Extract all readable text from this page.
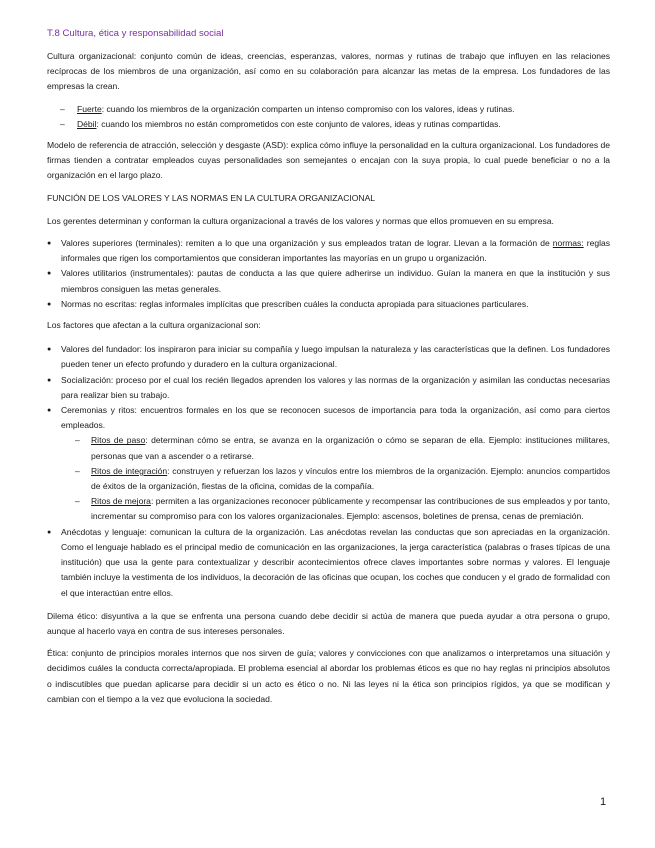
T.8 Cultura, ética y responsabilidad social

Cultura organizacional: conjunto común de ideas, creencias, esperanzas, valores, normas y rutinas de trabajo que influyen en las relaciones recíprocas de los miembros de una organización, así como en su colaboración para alcanzar las metas de la empresa. Los fundadores de las empresas la crean.

– Fuerte: cuando los miembros de la organización comparten un intenso compromiso con los valores, ideas y rutinas.
– Débil: cuando los miembros no están comprometidos con este conjunto de valores, ideas y rutinas compartidas.

Modelo de referencia de atracción, selección y desgaste (ASD): explica cómo influye la personalidad en la cultura organizacional. Los fundadores de firmas tienden a contratar empleados cuyas personalidades son semejantes o encajan con la suya propia, lo cual puede beneficiar o no a la organización en el largo plazo.

FUNCIÓN DE LOS VALORES Y LAS NORMAS EN LA CULTURA ORGANIZACIONAL

Los gerentes determinan y conforman la cultura organizacional a través de los valores y normas que ellos promueven en su empresa.

● Valores superiores (terminales): remiten a lo que una organización y sus empleados tratan de lograr. Llevan a la formación de normas: reglas informales que rigen los comportamientos que consideran importantes las mayorías en un grupo u organización.
● Valores utilitarios (instrumentales): pautas de conducta a las que quiere adherirse un individuo. Guían la manera en que la institución y sus miembros consiguen las metas generales.
● Normas no escritas: reglas informales implícitas que prescriben cuáles la conducta apropiada para situaciones particulares.

Los factores que afectan a la cultura organizacional son:

● Valores del fundador: los inspiraron para iniciar su compañía y luego impulsan la naturaleza y las características que la definen. Los fundadores pueden tener un efecto profundo y duradero en la cultura organizacional.
● Socialización: proceso por el cual los recién llegados aprenden los valores y las normas de la organización y asimilan las conductas necesarias para realizar bien su trabajo.
● Ceremonias y ritos: encuentros formales en los que se reconocen sucesos de importancia para toda la organización, así como para ciertos empleados.
– Ritos de paso: determinan cómo se entra, se avanza en la organización o cómo se separan de ella. Ejemplo: instituciones militares, personas que van a ascender o a retirarse.
– Ritos de integración: construyen y refuerzan los lazos y vínculos entre los miembros de la organización. Ejemplo: anuncios compartidos de éxitos de la organización, fiestas de la oficina, comidas de la compañía.
– Ritos de mejora: permiten a las organizaciones reconocer públicamente y recompensar las contribuciones de sus empleados y por tanto, incrementar su compromiso para con los valores organizacionales. Ejemplo: ascensos, boletines de prensa, cenas de premiación.
● Anécdotas y lenguaje: comunican la cultura de la organización. Las anécdotas revelan las conductas que son apreciadas en la organización. Como el lenguaje hablado es el principal medio de comunicación en las organizaciones, la jerga característica (palabras o frases típicas de una institución) que usa la gente para contextualizar y describir acontecimientos ofrece claves importantes sobre normas y valores. El lenguaje también incluye la vestimenta de los individuos, la decoración de las oficinas que ocupan, los coches que conducen y el grado de formalidad con el que interactúan entre ellos.

Dilema ético: disyuntiva a la que se enfrenta una persona cuando debe decidir si actúa de manera que pueda ayudar a otra persona o grupo, aunque al hacerlo vaya en contra de sus intereses personales.

Ética: conjunto de principios morales internos que nos sirven de guía; valores y convicciones con que analizamos o interpretamos una situación y decidimos cuáles la conducta correcta/apropiada. El problema esencial al abordar los problemas éticos es que no hay reglas ni principios absolutos o indiscutibles que puedan aplicarse para decidir si un acto es ético o no. Ni las leyes ni la ética son principios rígidos, ya que se modifican y cambian con el tiempo a la vez que evoluciona la sociedad.

1
